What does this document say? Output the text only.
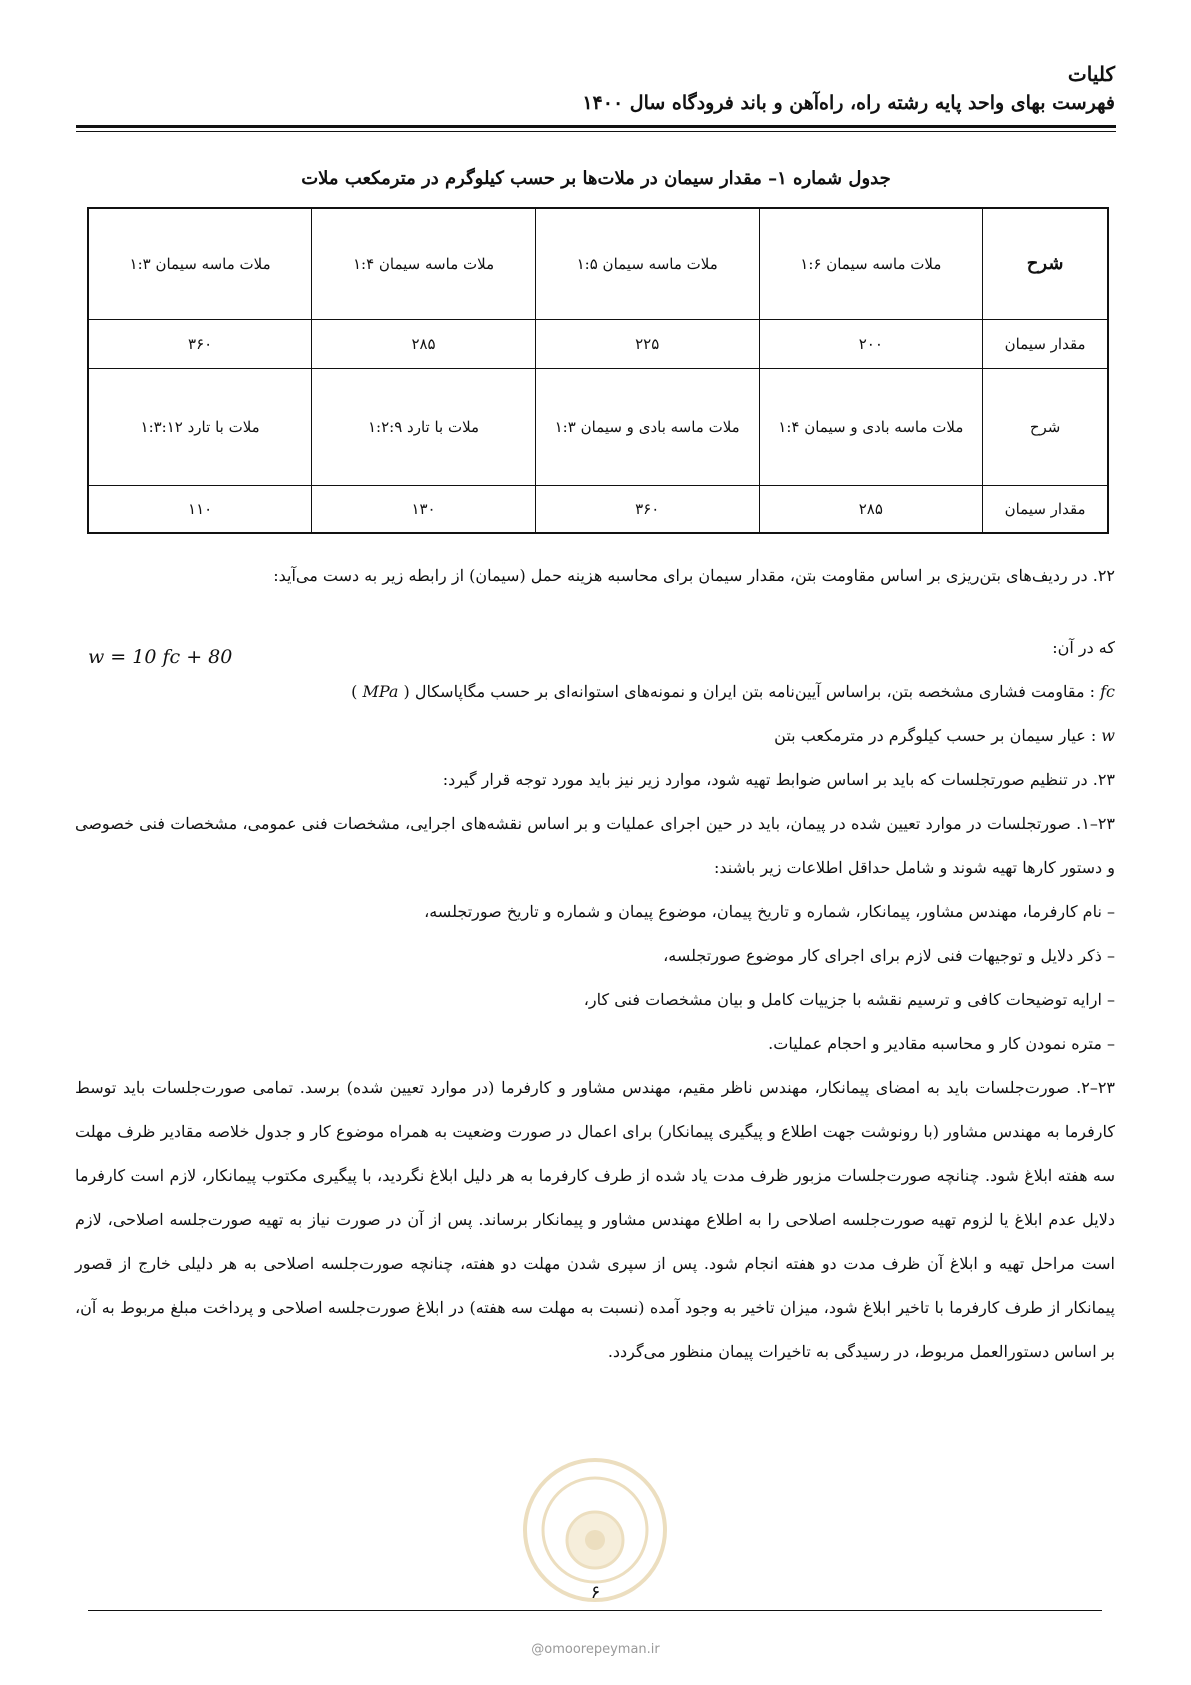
کلیات
فهرست بهای واحد پایه رشته راه، راه‌آهن و باند فرودگاه سال ۱۴۰۰
جدول شماره ۱– مقدار سیمان در ملات‌ها بر حسب کیلوگرم در مترمکعب ملات
شرح	ملات ماسه سیمان ۱:۶	ملات ماسه سیمان ۱:۵	ملات ماسه سیمان ۱:۴	ملات ماسه سیمان ۱:۳
مقدار سیمان	۲۰۰	۲۲۵	۲۸۵	۳۶۰
شرح	ملات ماسه بادی و سیمان ۱:۴	ملات ماسه بادی و سیمان ۱:۳	ملات با تارد ۱:۲:۹	ملات با تارد ۱:۳:۱۲
مقدار سیمان	۲۸۵	۳۶۰	۱۳۰	۱۱۰
۲۲. در ردیف‌های بتن‌ریزی بر اساس مقاومت بتن، مقدار سیمان برای محاسبه هزینه حمل (سیمان) از رابطه زیر به دست می‌آید:
w = 10 fc + 80	که در آن:
fc : مقاومت فشاری مشخصه بتن، براساس آیین‌نامه بتن ایران و نمونه‌های استوانه‌ای بر حسب مگاپاسکال ( MPa )
w : عیار سیمان بر حسب کیلوگرم در مترمکعب بتن
۲۳. در تنظیم صورتجلسات که باید بر اساس ضوابط تهیه شود، موارد زیر نیز باید مورد توجه قرار گیرد:
۲۳–۱. صورتجلسات در موارد تعیین شده در پیمان، باید در حین اجرای عملیات و بر اساس نقشه‌های اجرایی، مشخصات فنی عمومی، مشخصات فنی خصوصی و دستور کارها تهیه شوند و شامل حداقل اطلاعات زیر باشند:
– نام کارفرما، مهندس مشاور، پیمانکار، شماره و تاریخ پیمان، موضوع پیمان و شماره و تاریخ صورتجلسه،
– ذکر دلایل و توجیهات فنی لازم برای اجرای کار موضوع صورتجلسه،
– ارایه توضیحات کافی و ترسیم نقشه با جزییات کامل و بیان مشخصات فنی کار،
– متره نمودن کار و محاسبه مقادیر و احجام عملیات.
۲۳–۲. صورت‌جلسات باید به امضای پیمانکار، مهندس ناظر مقیم، مهندس مشاور و کارفرما (در موارد تعیین شده) برسد. تمامی صورت‌جلسات باید توسط کارفرما به مهندس مشاور (با رونوشت جهت اطلاع و پیگیری پیمانکار) برای اعمال در صورت وضعیت به همراه موضوع کار و جدول خلاصه مقادیر ظرف مهلت سه هفته ابلاغ شود. چنانچه صورت‌جلسات مزبور ظرف مدت یاد شده از طرف کارفرما به هر دلیل ابلاغ نگردید، با پیگیری مکتوب پیمانکار، لازم است کارفرما دلایل عدم ابلاغ یا لزوم تهیه صورت‌جلسه اصلاحی را به اطلاع مهندس مشاور و پیمانکار برساند. پس از آن در صورت نیاز به تهیه صورت‌جلسه اصلاحی، لازم است مراحل تهیه و ابلاغ آن ظرف مدت دو هفته انجام شود. پس از سپری شدن مهلت دو هفته، چنانچه صورت‌جلسه اصلاحی به هر دلیلی خارج از قصور پیمانکار از طرف کارفرما با تاخیر ابلاغ شود، میزان تاخیر به وجود آمده (نسبت به مهلت سه هفته) در ابلاغ صورت‌جلسه اصلاحی و پرداخت مبلغ مربوط به آن، بر اساس دستورالعمل مربوط، در رسیدگی به تاخیرات پیمان منظور می‌گردد.
۶
@omoorepeyman.ir
